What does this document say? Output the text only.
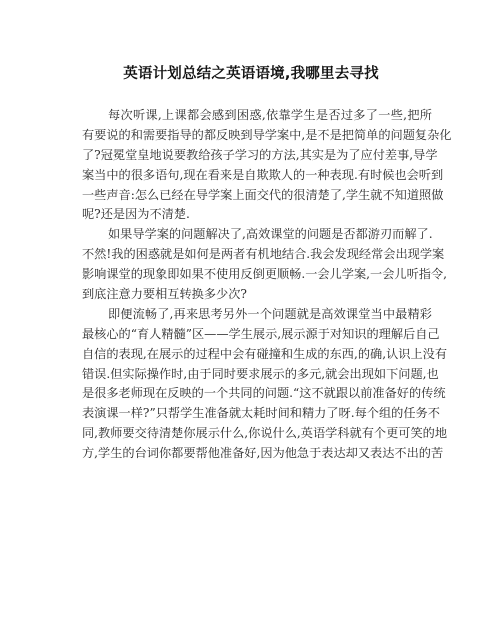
英语计划总结之英语语境,我哪里去寻找
每次听课,上课都会感到困惑,依靠学生是否过多了一些,把所
有要说的和需要指导的都反映到导学案中,是不是把简单的问题复杂化
了?冠冕堂皇地说要教给孩子学习的方法,其实是为了应付差事,导学
案当中的很多语句,现在看来是自欺欺人的一种表现.有时候也会听到
一些声音:怎么已经在导学案上面交代的很清楚了,学生就不知道照做
呢?还是因为不清楚.
如果导学案的问题解决了,高效课堂的问题是否都游刃而解了.
不然!我的困惑就是如何是两者有机地结合.我会发现经常会出现学案
影响课堂的现象即如果不使用反倒更顺畅.一会儿学案,一会儿听指令,
到底注意力要相互转换多少次?
即便流畅了,再来思考另外一个问题就是高效课堂当中最精彩
最核心的“育人精髓”区——学生展示,展示源于对知识的理解后自己
自信的表现,在展示的过程中会有碰撞和生成的东西,的确,认识上没有
错误.但实际操作时,由于同时要求展示的多元,就会出现如下问题,也
是很多老师现在反映的一个共同的问题.“这不就跟以前准备好的传统
表演课一样?”只帮学生准备就太耗时间和精力了呀.每个组的任务不
同,教师要交待清楚你展示什么,你说什么,英语学科就有个更可笑的地
方,学生的台词你都要帮他准备好,因为他急于表达却又表达不出的苦
